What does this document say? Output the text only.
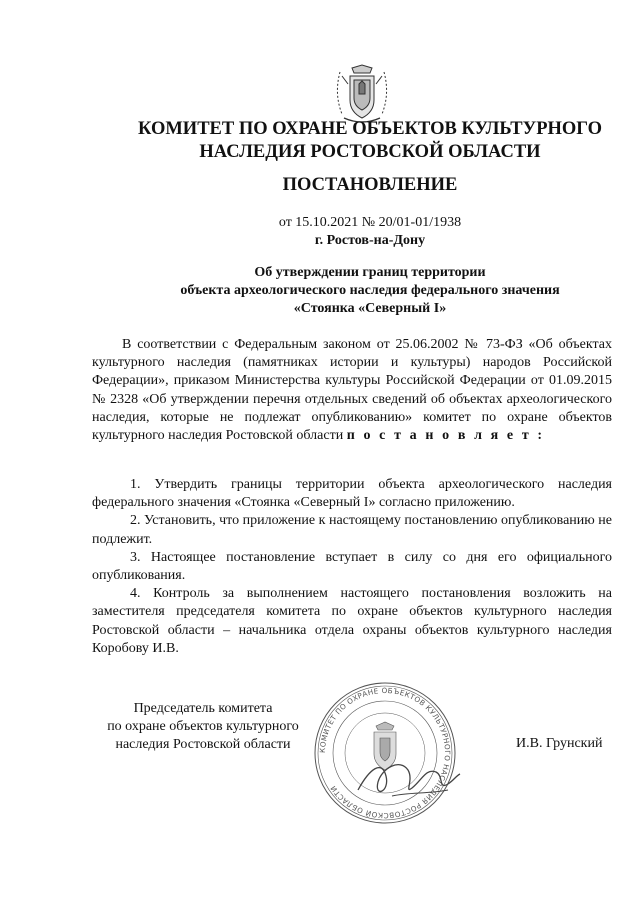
КОМИТЕТ ПО ОХРАНЕ ОБЪЕКТОВ КУЛЬТУРНОГО
НАСЛЕДИЯ РОСТОВСКОЙ ОБЛАСТИ
ПОСТАНОВЛЕНИЕ
от 15.10.2021 № 20/01-01/1938
г. Ростов-на-Дону
Об утверждении границ территории
объекта археологического наследия федерального значения
«Стоянка «Северный I»
В соответствии с Федеральным законом от 25.06.2002 № 73-ФЗ «Об объектах культурного наследия (памятниках истории и культуры) народов Российской Федерации», приказом Министерства культуры Российской Федерации от 01.09.2015 № 2328 «Об утверждении перечня отдельных сведений об объектах археологического наследия, которые не подлежат опубликованию» комитет по охране объектов культурного наследия Ростовской области п о с т а н о в л я е т :

1. Утвердить границы территории объекта археологического наследия федерального значения «Стоянка «Северный I» согласно приложению.

2. Установить, что приложение к настоящему постановлению опубликованию не подлежит.

3. Настоящее постановление вступает в силу со дня его официального опубликования.

4. Контроль за выполнением настоящего постановления возложить на заместителя председателя комитета по охране объектов культурного наследия Ростовской области – начальника отдела охраны объектов культурного наследия Коробову И.В.

КОМИТЕТ ПО ОХРАНЕ ОБЪЕКТОВ КУЛЬТУРНОГО НАСЛЕДИЯ РОСТОВСКОЙ ОБЛАСТИ
Председатель комитета
по охране объектов культурного
наследия Ростовской области	И.В. Грунский
